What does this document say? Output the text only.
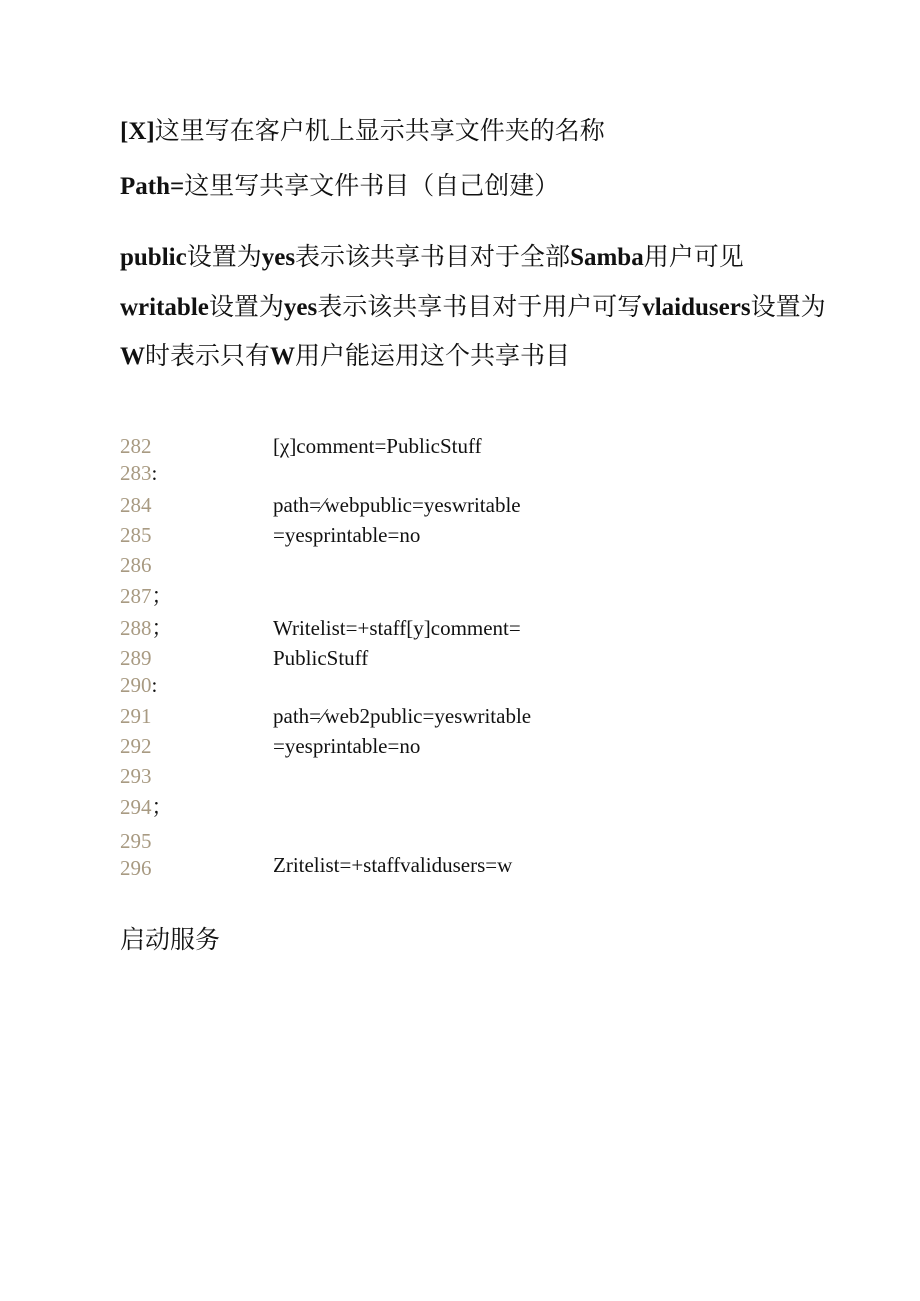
[X]这里写在客户机上显示共享文件夹的名称
Path=这里写共享文件书目（自己创建）
public设置为yes表示该共享书目对于全部Samba用户可见
writable设置为yes表示该共享书目对于用户可写vlaidusers设置为
W时表示只有W用户能运用这个共享书目
282	[χ]comment=PublicStuff
283:
284	path=∕webpublic=yeswritable
285	=yesprintable=no
286
287；
288；	Writelist=+staff[y]comment=
289	PublicStuff
290:
291	path=∕web2public=yeswritable
292	=yesprintable=no
293
294；
295
296	Zritelist=+staffvalidusers=w
启动服务
